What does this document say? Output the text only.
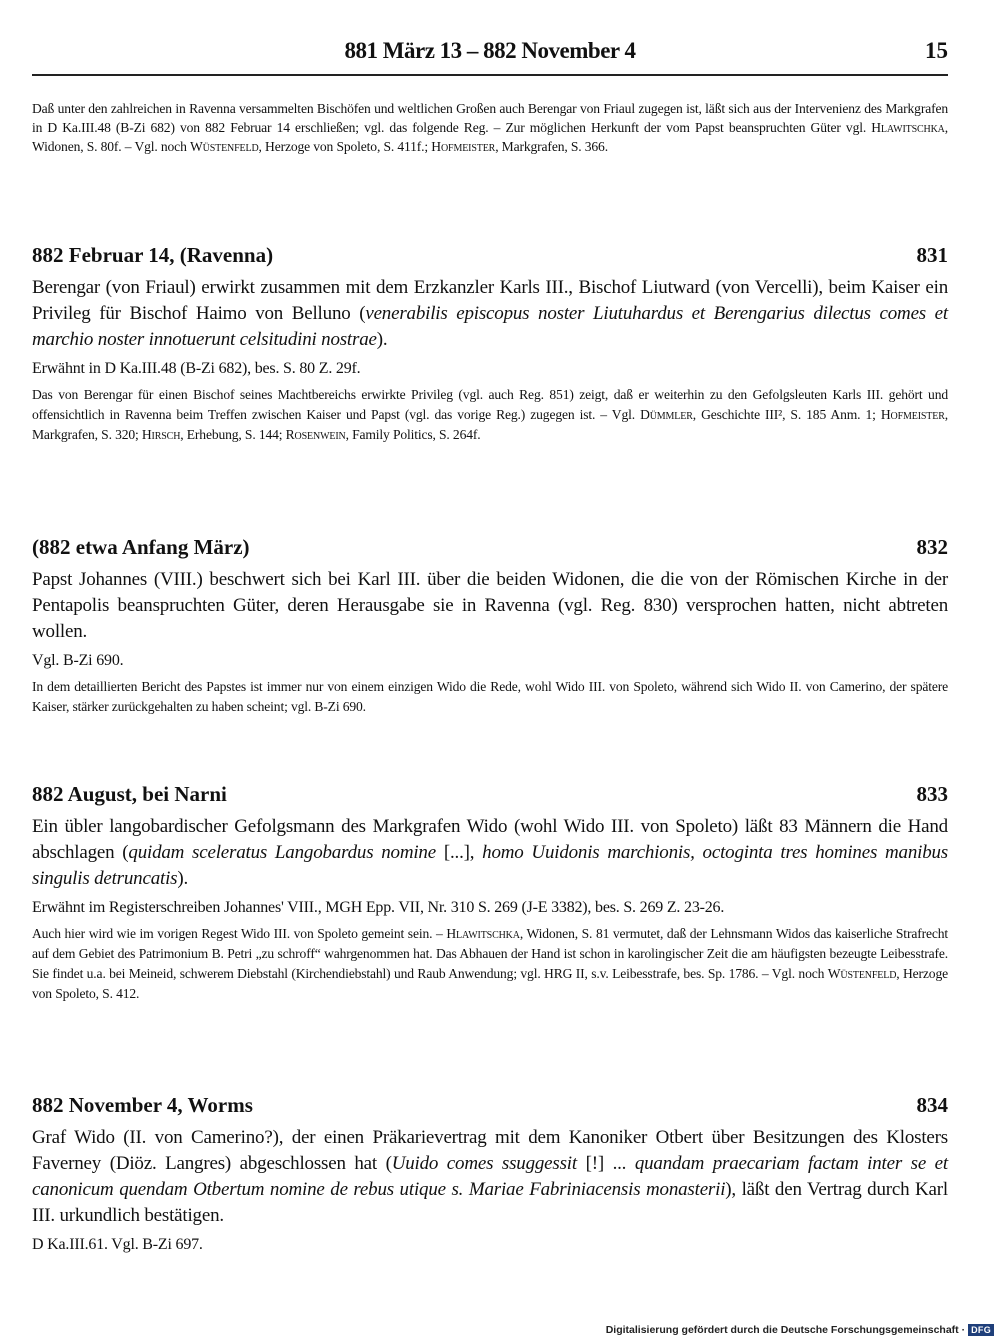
881 März 13 – 882 November 4	15
Daß unter den zahlreichen in Ravenna versammelten Bischöfen und weltlichen Großen auch Berengar von Friaul zugegen ist, läßt sich aus der Intervenienz des Markgrafen in D Ka.III.48 (B-Zi 682) von 882 Februar 14 erschließen; vgl. das folgende Reg. – Zur möglichen Herkunft der vom Papst beanspruchten Güter vgl. Hlawitschka, Widonen, S. 80f. – Vgl. noch Wüstenfeld, Herzoge von Spoleto, S. 411f.; Hofmeister, Markgrafen, S. 366.
882 Februar 14, (Ravenna)	831
Berengar (von Friaul) erwirkt zusammen mit dem Erzkanzler Karls III., Bischof Liutward (von Vercelli), beim Kaiser ein Privileg für Bischof Haimo von Belluno (venerabilis episcopus noster Liutuhardus et Berengarius dilectus comes et marchio noster innotuerunt celsitudini nostrae).
Erwähnt in D Ka.III.48 (B-Zi 682), bes. S. 80 Z. 29f.
Das von Berengar für einen Bischof seines Machtbereichs erwirkte Privileg (vgl. auch Reg. 851) zeigt, daß er weiterhin zu den Gefolgsleuten Karls III. gehört und offensichtlich in Ravenna beim Treffen zwischen Kaiser und Papst (vgl. das vorige Reg.) zugegen ist. – Vgl. Dümmler, Geschichte III², S. 185 Anm. 1; Hofmeister, Markgrafen, S. 320; Hirsch, Erhebung, S. 144; Rosenwein, Family Politics, S. 264f.
(882 etwa Anfang März)	832
Papst Johannes (VIII.) beschwert sich bei Karl III. über die beiden Widonen, die die von der Römischen Kirche in der Pentapolis beanspruchten Güter, deren Herausgabe sie in Ravenna (vgl. Reg. 830) versprochen hatten, nicht abtreten wollen.
Vgl. B-Zi 690.
In dem detaillierten Bericht des Papstes ist immer nur von einem einzigen Wido die Rede, wohl Wido III. von Spoleto, während sich Wido II. von Camerino, der spätere Kaiser, stärker zurückgehalten zu haben scheint; vgl. B-Zi 690.
882 August, bei Narni	833
Ein übler langobardischer Gefolgsmann des Markgrafen Wido (wohl Wido III. von Spoleto) läßt 83 Männern die Hand abschlagen (quidam sceleratus Langobardus nomine [...], homo Uuidonis marchionis, octoginta tres homines manibus singulis detruncatis).
Erwähnt im Registerschreiben Johannes' VIII., MGH Epp. VII, Nr. 310 S. 269 (J-E 3382), bes. S. 269 Z. 23-26.
Auch hier wird wie im vorigen Regest Wido III. von Spoleto gemeint sein. – Hlawitschka, Widonen, S. 81 vermutet, daß der Lehnsmann Widos das kaiserliche Strafrecht auf dem Gebiet des Patrimonium B. Petri „zu schroff“ wahrgenommen hat. Das Abhauen der Hand ist schon in karolingischer Zeit die am häufigsten bezeugte Leibesstrafe. Sie findet u.a. bei Meineid, schwerem Diebstahl (Kirchendiebstahl) und Raub Anwendung; vgl. HRG II, s.v. Leibesstrafe, bes. Sp. 1786. – Vgl. noch Wüstenfeld, Herzoge von Spoleto, S. 412.
882 November 4, Worms	834
Graf Wido (II. von Camerino?), der einen Präkarievertrag mit dem Kanoniker Otbert über Besitzungen des Klosters Faverney (Diöz. Langres) abgeschlossen hat (Uuido comes ssuggessit [!] ... quandam praecariam factam inter se et canonicum quendam Otbertum nomine de rebus utique s. Mariae Fabriniacensis monasterii), läßt den Vertrag durch Karl III. urkundlich bestätigen.
D Ka.III.61. Vgl. B-Zi 697.
Digitalisierung gefördert durch die Deutsche Forschungsgemeinschaft · DFG
